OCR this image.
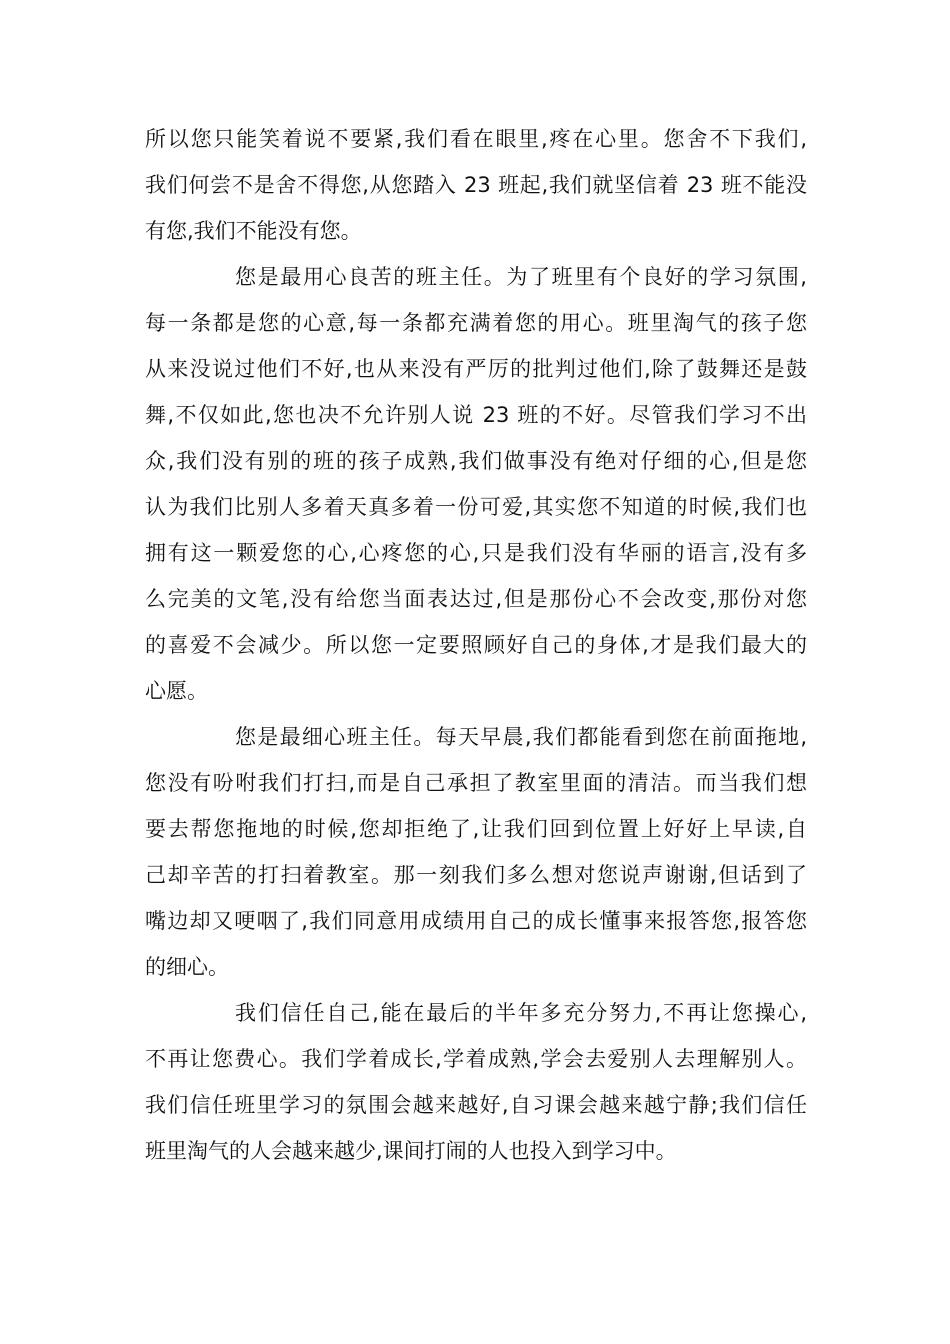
所以您只能笑着说不要紧,我们看在眼里,疼在心里。您舍不下我们,
我们何尝不是舍不得您,从您踏入 23 班起,我们就坚信着 23 班不能没
有您,我们不能没有您。
您是最用心良苦的班主任。为了班里有个良好的学习氛围,
每一条都是您的心意,每一条都充满着您的用心。班里淘气的孩子您
从来没说过他们不好,也从来没有严厉的批判过他们,除了鼓舞还是鼓
舞,不仅如此,您也决不允许别人说 23 班的不好。尽管我们学习不出
众,我们没有别的班的孩子成熟,我们做事没有绝对仔细的心,但是您
认为我们比别人多着天真多着一份可爱,其实您不知道的时候,我们也
拥有这一颗爱您的心,心疼您的心,只是我们没有华丽的语言,没有多
么完美的文笔,没有给您当面表达过,但是那份心不会改变,那份对您
的喜爱不会减少。所以您一定要照顾好自己的身体,才是我们最大的
心愿。
您是最细心班主任。每天早晨,我们都能看到您在前面拖地,
您没有吩咐我们打扫,而是自己承担了教室里面的清洁。而当我们想
要去帮您拖地的时候,您却拒绝了,让我们回到位置上好好上早读,自
己却辛苦的打扫着教室。那一刻我们多么想对您说声谢谢,但话到了
嘴边却又哽咽了,我们同意用成绩用自己的成长懂事来报答您,报答您
的细心。
我们信任自己,能在最后的半年多充分努力,不再让您操心,
不再让您费心。我们学着成长,学着成熟,学会去爱别人去理解别人。
我们信任班里学习的氛围会越来越好,自习课会越来越宁静;我们信任
班里淘气的人会越来越少,课间打闹的人也投入到学习中。
